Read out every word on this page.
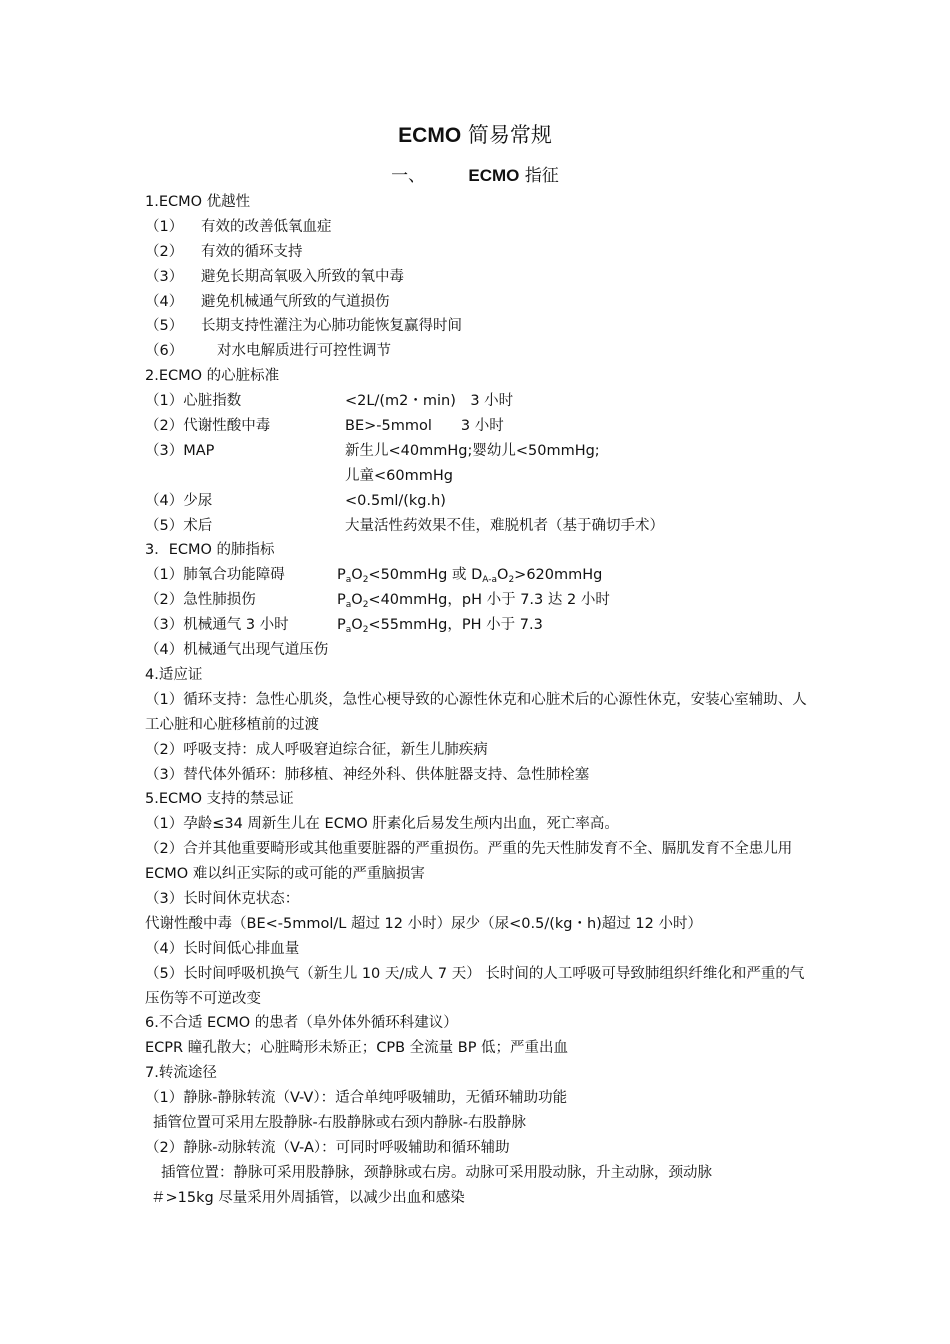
ECMO 简易常规
一、	ECMO 指征
1.ECMO 优越性
（1） 有效的改善低氧血症
（2） 有效的循环支持
（3） 避免长期高氧吸入所致的氧中毒
（4） 避免机械通气所致的气道损伤
（5） 长期支持性灌注为心肺功能恢复赢得时间
（6） 对水电解质进行可控性调节
2.ECMO 的心脏标准
（1）心脏指数	<2L/(m2・min)　3 小时
（2）代谢性酸中毒	BE>-5mmol　　3 小时
（3）MAP	新生儿<40mmHg;婴幼儿<50mmHg;
儿童<60mmHg
（4）少尿	<0.5ml/(kg.h)
（5）术后	大量活性药效果不佳，难脱机者（基于确切手术）
3．ECMO 的肺指标
（1）肺氧合功能障碍	$P_aO_2<50mmHg$ 或 $D_{A-a}O_2>620mmHg$
（2）急性肺损伤	$P_aO_2<40mmHg$，pH 小于 7.3 达 2 小时
（3）机械通气 3 小时	$P_aO_2<55mmHg$，PH 小于 7.3
（4）机械通气出现气道压伤
4.适应证
（1）循环支持：急性心肌炎，急性心梗导致的心源性休克和心脏术后的心源性休克，安装心室辅助、人工心脏和心脏移植前的过渡
（2）呼吸支持：成人呼吸窘迫综合征，新生儿肺疾病
（3）替代体外循环：肺移植、神经外科、供体脏器支持、急性肺栓塞
5.ECMO 支持的禁忌证
（1）孕龄≤34 周新生儿在 ECMO 肝素化后易发生颅内出血，死亡率高。
（2）合并其他重要畸形或其他重要脏器的严重损伤。严重的先天性肺发育不全、膈肌发育不全患儿用 ECMO 难以纠正实际的或可能的严重脑损害
（3）长时间休克状态：
代谢性酸中毒（BE<-5mmol/L 超过 12 小时）尿少（尿<0.5/(kg・h)超过 12 小时）
（4）长时间低心排血量
（5）长时间呼吸机换气（新生儿 10 天/成人 7 天） 长时间的人工呼吸可导致肺组织纤维化和严重的气压伤等不可逆改变
6.不合适 ECMO 的患者（阜外体外循环科建议）
ECPR 瞳孔散大；心脏畸形未矫正；CPB 全流量 BP 低；严重出血
7.转流途径
（1）静脉-静脉转流（V-V）：适合单纯呼吸辅助，无循环辅助功能
插管位置可采用左股静脉-右股静脉或右颈内静脉-右股静脉
（2）静脉-动脉转流（V-A）：可同时呼吸辅助和循环辅助
插管位置：静脉可采用股静脉，颈静脉或右房。动脉可采用股动脉，升主动脉，颈动脉
＃>15kg 尽量采用外周插管，以减少出血和感染
